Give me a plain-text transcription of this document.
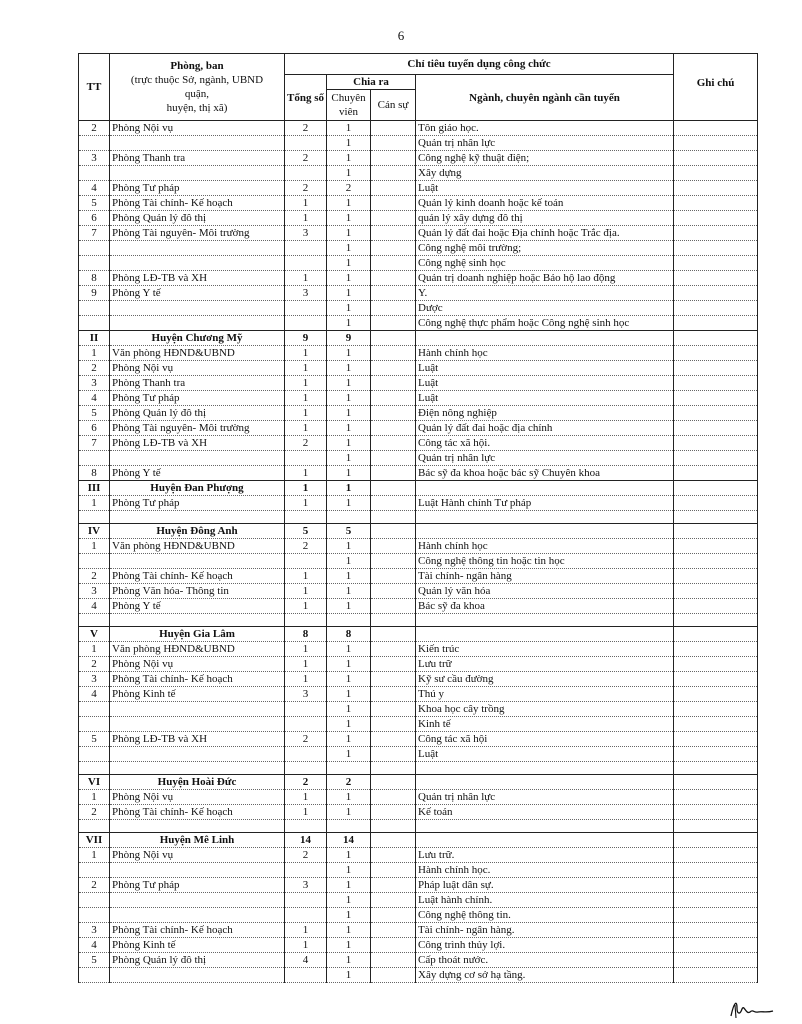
6
TT	Phòng, ban
(trực thuộc Sở, ngành, UBND
quận,
huyện, thị xã)	Chỉ tiêu tuyển dụng công chức				Ghi chú
		Tổng số	Chia ra		Ngành, chuyên ngành cần tuyển	
			Chuyên viên	Cán sự		
2	Phòng Nội vụ	2	1		Tôn giáo học.	
			1		Quản trị nhân lực	
3	Phòng Thanh tra	2	1		Công nghệ kỹ thuật điện;	
			1		Xây dựng	
4	Phòng Tư pháp	2	2		Luật	
5	Phòng Tài chính- Kế hoạch	1	1		Quản lý kinh doanh hoặc kế toán	
6	Phòng Quản lý đô thị	1	1		quản lý xây dựng đô thị	
7	Phòng Tài nguyên- Môi trường	3	1		Quản lý đất đai hoặc Địa chính hoặc Trắc địa.	
			1		Công nghệ môi trường;	
			1		Công nghệ sinh học	
8	Phòng LĐ-TB và XH	1	1		Quản trị doanh nghiệp hoặc Bảo hộ lao động	
9	Phòng Y tế	3	1		Y.	
			1		Dược	
			1		Công nghệ thực phẩm hoặc Công nghệ sinh học	
II	Huyện Chương Mỹ	9	9			
1	Văn phòng HĐND&UBND	1	1		Hành chính học	
2	Phòng Nội vụ	1	1		Luật	
3	Phòng Thanh tra	1	1		Luật	
4	Phòng Tư pháp	1	1		Luật	
5	Phòng Quản lý đô thị	1	1		Điện nông nghiệp	
6	Phòng Tài nguyên- Môi trường	1	1		Quản lý đất đai hoặc địa chính	
7	Phòng LĐ-TB và XH	2	1		Công tác xã hội.	
			1		Quản trị nhân lực	
8	Phòng Y tế	1	1		Bác sỹ đa khoa hoặc bác sỹ Chuyên khoa	
III	Huyện Đan Phượng	1	1			
1	Phòng Tư pháp	1	1		Luật Hành chính Tư pháp	

IV	Huyện Đông Anh	5	5			
1	Văn phòng HĐND&UBND	2	1		Hành chính học	
			1		Công nghệ thông tin hoặc tin học	
2	Phòng Tài chính- Kế hoạch	1	1		Tài chính- ngân hàng	
3	Phòng Văn hóa- Thông tin	1	1		Quản lý văn hóa	
4	Phòng Y tế	1	1		Bác sỹ đa khoa	

V	Huyện Gia Lâm	8	8			
1	Văn phòng HĐND&UBND	1	1		Kiến trúc	
2	Phòng Nội vụ	1	1		Lưu trữ	
3	Phòng Tài chính- Kế hoạch	1	1		Kỹ sư cầu đường	
4	Phòng Kinh tế	3	1		Thú y	
			1		Khoa học cây trồng	
			1		Kinh tế	
5	Phòng LĐ-TB và XH	2	1		Công tác xã hội	
			1		Luật	

VI	Huyện Hoài Đức	2	2			
1	Phòng Nội vụ	1	1		Quản trị nhân lực	
2	Phòng Tài chính- Kế hoạch	1	1		Kế toán	

VII	Huyện Mê Linh	14	14			
1	Phòng Nội vụ	2	1		Lưu trữ.	
			1		Hành chính học.	
2	Phòng Tư pháp	3	1		Pháp luật dân sự.	
			1		Luật hành chính.	
			1		Công nghệ thông tin.	
3	Phòng Tài chính- Kế hoạch	1	1		Tài chính- ngân hàng.	
4	Phòng Kinh tế	1	1		Công trình thủy lợi.	
5	Phòng Quản lý đô thị	4	1		Cấp thoát nước.	
			1		Xây dựng cơ sở hạ tầng.	
